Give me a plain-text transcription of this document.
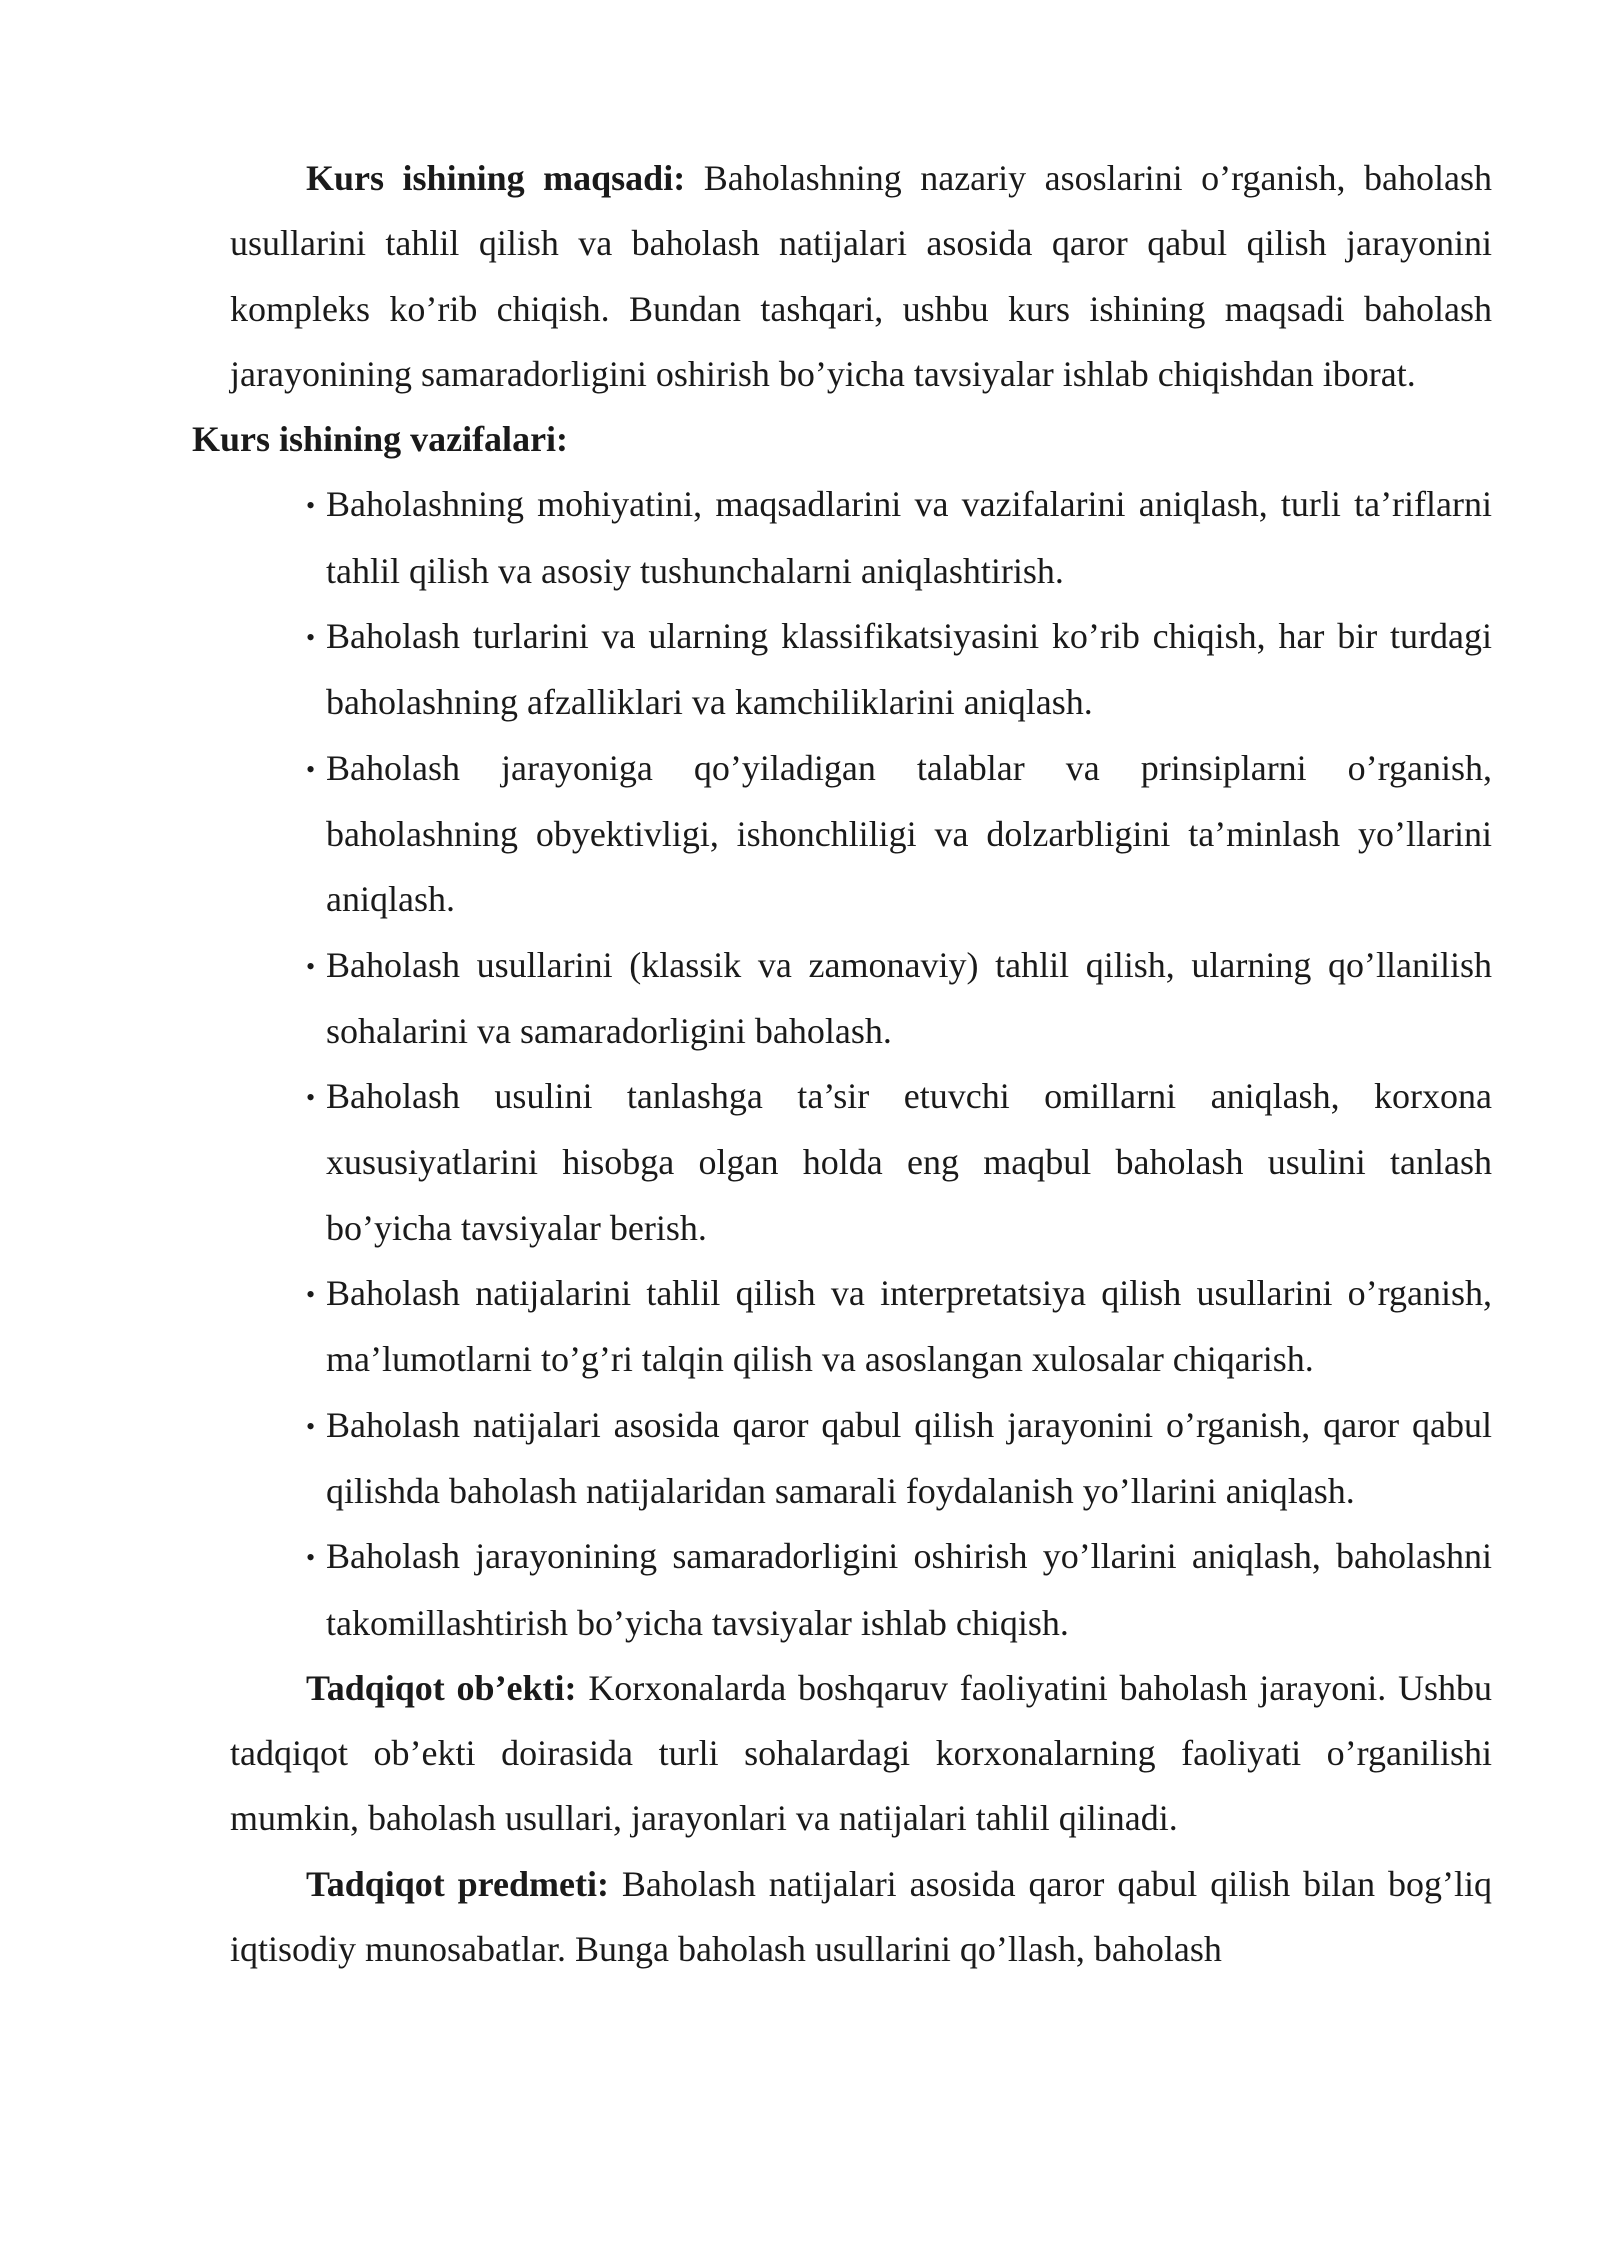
Kurs ishining maqsadi: Baholashning nazariy asoslarini o’rganish, baholash usullarini tahlil qilish va baholash natijalari asosida qaror qabul qilish jarayonini kompleks ko’rib chiqish. Bundan tashqari, ushbu kurs ishining maqsadi baholash jarayonining samaradorligini oshirish bo’yicha tavsiyalar ishlab chiqishdan iborat.

Kurs ishining vazifalari:

• Baholashning mohiyatini, maqsadlarini va vazifalarini aniqlash, turli ta’riflarni tahlil qilish va asosiy tushunchalarni aniqlashtirish.
• Baholash turlarini va ularning klassifikatsiyasini ko’rib chiqish, har bir turdagi baholashning afzalliklari va kamchiliklarini aniqlash.
• Baholash jarayoniga qo’yiladigan talablar va prinsiplarni o’rganish, baholashning obyektivligi, ishonchliligi va dolzarbligini ta’minlash yo’llarini aniqlash.
• Baholash usullarini (klassik va zamonaviy) tahlil qilish, ularning qo’llanilish sohalarini va samaradorligini baholash.
• Baholash usulini tanlashga ta’sir etuvchi omillarni aniqlash, korxona xususiyatlarini hisobga olgan holda eng maqbul baholash usulini tanlash bo’yicha tavsiyalar berish.
• Baholash natijalarini tahlil qilish va interpretatsiya qilish usullarini o’rganish, ma’lumotlarni to’g’ri talqin qilish va asoslangan xulosalar chiqarish.
• Baholash natijalari asosida qaror qabul qilish jarayonini o’rganish, qaror qabul qilishda baholash natijalaridan samarali foydalanish yo’llarini aniqlash.
• Baholash jarayonining samaradorligini oshirish yo’llarini aniqlash, baholashni takomillashtirish bo’yicha tavsiyalar ishlab chiqish.

Tadqiqot ob’ekti: Korxonalarda boshqaruv faoliyatini baholash jarayoni. Ushbu tadqiqot ob’ekti doirasida turli sohalardagi korxonalarning faoliyati o’rganilishi mumkin, baholash usullari, jarayonlari va natijalari tahlil qilinadi.

Tadqiqot predmeti: Baholash natijalari asosida qaror qabul qilish bilan bog’liq iqtisodiy munosabatlar. Bunga baholash usullarini qo’llash, baholash
